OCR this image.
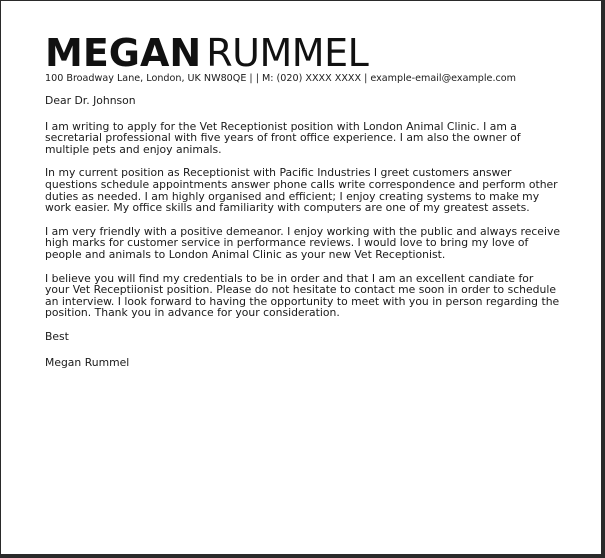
MEGAN RUMMEL
100 Broadway Lane, London, UK NW80QE | | M: (020) XXXX XXXX | example-email@example.com

Dear Dr. Johnson

I am writing to apply for the Vet Receptionist position with London Animal Clinic. I am a secretarial professional with five years of front office experience. I am also the owner of multiple pets and enjoy animals.

In my current position as Receptionist with Pacific Industries I greet customers answer questions schedule appointments answer phone calls write correspondence and perform other duties as needed. I am highly organised and efficient; I enjoy creating systems to make my work easier. My office skills and familiarity with computers are one of my greatest assets.

I am very friendly with a positive demeanor. I enjoy working with the public and always receive high marks for customer service in performance reviews. I would love to bring my love of people and animals to London Animal Clinic as your new Vet Receptionist.

I believe you will find my credentials to be in order and that I am an excellent candiate for your Vet Receptiionist position. Please do not hesitate to contact me soon in order to schedule an interview. I look forward to having the opportunity to meet with you in person regarding the position. Thank you in advance for your consideration.

Best

Megan Rummel
